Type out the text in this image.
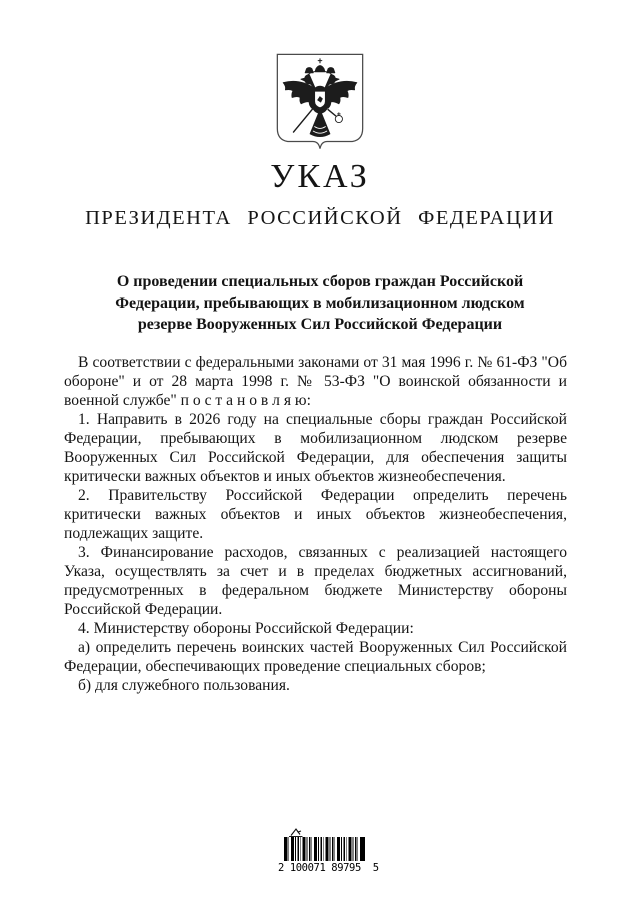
УКАЗ
ПРЕЗИДЕНТА РОССИЙСКОЙ ФЕДЕРАЦИИ
О проведении специальных сборов граждан Российской
Федерации, пребывающих в мобилизационном людском
резерве Вооруженных Сил Российской Федерации

В соответствии с федеральными законами от 31 мая 1996 г. № 61-ФЗ "Об обороне" и от 28 марта 1998 г. № 53-ФЗ "О воинской обязанности и военной службе" п о с т а н о в л я ю:

1. Направить в 2026 году на специальные сборы граждан Российской Федерации, пребывающих в мобилизационном людском резерве Вооруженных Сил Российской Федерации, для обеспечения защиты критически важных объектов и иных объектов жизнеобеспечения.

2. Правительству Российской Федерации определить перечень критически важных объектов и иных объектов жизнеобеспечения, подлежащих защите.

3. Финансирование расходов, связанных с реализацией настоящего Указа, осуществлять за счет и в пределах бюджетных ассигнований, предусмотренных в федеральном бюджете Министерству обороны Российской Федерации.

4. Министерству обороны Российской Федерации:

а) определить перечень воинских частей Вооруженных Сил Российской Федерации, обеспечивающих проведение специальных сборов;

б) для служебного пользования.

2 100071 89795  5
